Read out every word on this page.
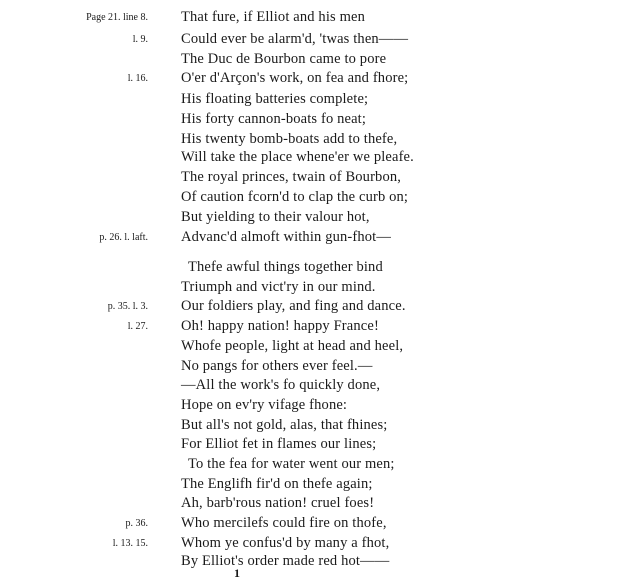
Page 21. line 8. That fure, if Elliot and his men
l. 9. Could ever be alarm'd, 'twas then——
The Duc de Bourbon came to pore
l. 16. O'er d'Arçon's work, on fea and fhore;
His floating batteries complete;
His forty cannon-boats fo neat;
His twenty bomb-boats add to thefe,
Will take the place whene'er we pleafe.
The royal princes, twain of Bourbon,
Of caution fcorn'd to clap the curb on;
But yielding to their valour hot,
p. 26. l. laft. Advanc'd almoft within gun-fhot—
Thefe awful things together bind
Triumph and vict'ry in our mind.
p. 35. l. 3. Our foldiers play, and fing and dance.
l. 27. Oh! happy nation! happy France!
Whofe people, light at head and heel,
No pangs for others ever feel.—
—All the work's fo quickly done,
Hope on ev'ry vifage fhone:
But all's not gold, alas, that fhines;
For Elliot fet in flames our lines;
To the fea for water went our men;
The Englifh fir'd on thefe again;
Ah, barb'rous nation! cruel foes!
p. 36. Who mercilefs could fire on thofe,
l. 13. 15. Whom ye confus'd by many a fhot,
By Elliot's order made red hot——
1
